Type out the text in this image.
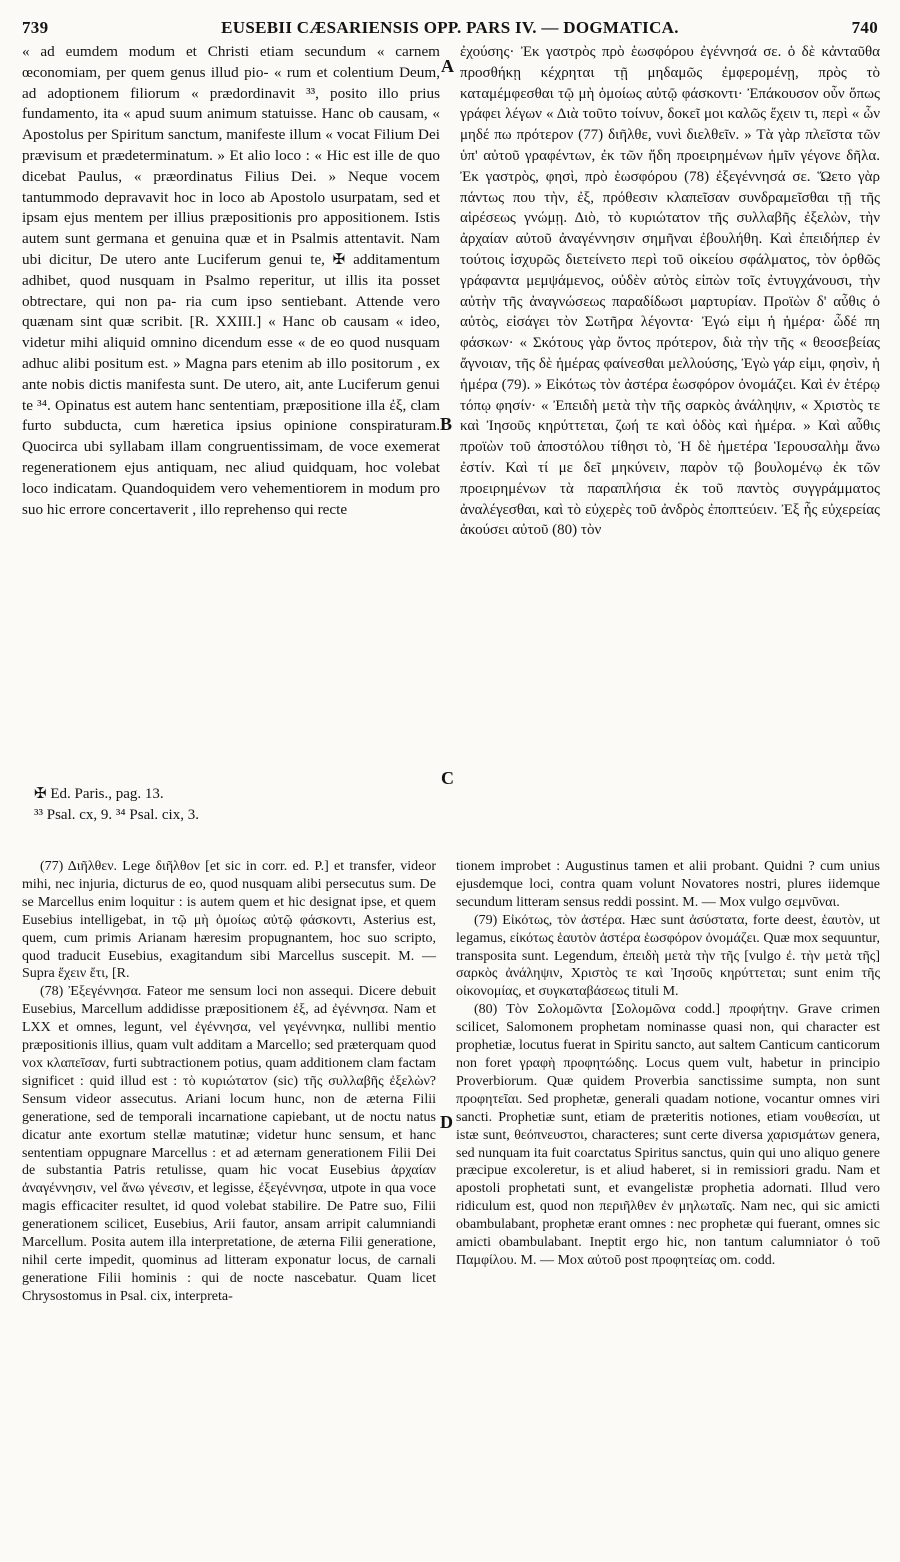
739	EUSEBII CÆSARIENSIS OPP. PARS IV. — DOGMATICA.	740

« ad eumdem modum et Christi etiam secundum « carnem œconomiam, per quem genus illud pio- « rum et colentium Deum, ad adoptionem filiorum « prædordinavit ³³, posito illo prius fundamento, ita « apud suum animum statuisse. Hanc ob causam, « Apostolus per Spiritum sanctum, manifeste illum « vocat Filium Dei prævisum et prædeterminatum. » Et alio loco : « Hic est ille de quo dicebat Paulus, « præordinatus Filius Dei. » Neque vocem tantummodo depravavit hoc in loco ab Apostolo usurpatam, sed et ipsam ejus mentem per illius præpositionis pro appositionem. Istis autem sunt germana et genuina quæ et in Psalmis attentavit. Nam ubi dicitur, De utero ante Luciferum genui te, ✠ additamentum adhibet, quod nusquam in Psalmo reperitur, ut illis ita posset obtrectare, qui non pa- ria cum ipso sentiebant. Attende vero quænam sint quæ scribit. [R. XXIII.] « Hanc ob causam « ideo, videtur mihi aliquid omnino dicendum esse « de eo quod nusquam adhuc alibi positum est. » Magna pars etenim ab illo positorum , ex ante nobis dictis manifesta sunt. De utero, ait, ante Luciferum genui te ³⁴. Opinatus est autem hanc sententiam, præpositione illa ἐξ, clam furto subducta, cum hæretica ipsius opinione conspiraturam. Quocirca ubi syllabam illam congruentissimam, de voce exemerat regenerationem ejus antiquam, nec aliud quidquam, hoc volebat loco indicatam. Quandoquidem vero vehementiorem in modum pro suo hic errore concertaverit , illo reprehenso qui recte

ἐχούσης· Ἐκ γαστρὸς πρὸ ἑωσφόρου ἐγέννησά σε. ὁ δὲ κἀνταῦθα προσθήκῃ κέχρηται τῇ μηδαμῶς ἐμφερομένῃ, πρὸς τὸ καταμέμφεσθαι τῷ μὴ ὁμοίως αὐτῷ φάσκοντι· Ἐπάκουσον οὖν ὅπως γράφει λέγων « Διὰ τοῦτο τοίνυν, δοκεῖ μοι καλῶς ἔχειν τι, περὶ « ὧν μηδέ πω πρότερον (77) διῆλθε, νυνὶ διελθεῖν. » Τὰ γὰρ πλεῖστα τῶν ὑπ' αὐτοῦ γραφέντων, ἐκ τῶν ἤδη προειρημένων ἡμῖν γέγονε δῆλα. Ἐκ γαστρὸς, φησὶ, πρὸ ἑωσφόρου (78) ἐξεγέννησά σε. Ὥετο γὰρ πάντως που τὴν, ἐξ, πρόθεσιν κλαπεῖσαν συνδραμεῖσθαι τῇ τῆς αἱρέσεως γνώμῃ. Διὸ, τὸ κυριώτατον τῆς συλλαβῆς ἐξελὼν, τὴν ἀρχαίαν αὐτοῦ ἀναγέννησιν σημῆναι ἐβουλήθη. Καὶ ἐπειδήπερ ἐν τούτοις ἰσχυρῶς διετείνετο περὶ τοῦ οἰκείου σφάλματος, τὸν ὀρθῶς γράφαντα μεμψάμενος, οὐδὲν αὐτὸς εἰπὼν τοῖς ἐντυγχάνουσι, τὴν αὐτὴν τῆς ἀναγνώσεως παραδίδωσι μαρτυρίαν. Προϊὼν δ' αὖθις ὁ αὐτὸς, εἰσάγει τὸν Σωτῆρα λέγοντα· Ἐγώ εἰμι ἡ ἡμέρα· ὧδέ πη φάσκων· « Σκότους γὰρ ὄντος πρότερον, διὰ τὴν τῆς « θεοσεβείας ἄγνοιαν, τῆς δὲ ἡμέρας φαίνεσθαι μελλούσης, Ἐγὼ γάρ εἰμι, φησὶν, ἡ ἡμέρα (79). » Εἰκότως τὸν ἀστέρα ἑωσφόρον ὀνομάζει. Καὶ ἐν ἑτέρῳ τόπῳ φησίν· « Ἐπειδὴ μετὰ τὴν τῆς σαρκὸς ἀνάληψιν, « Χριστὸς τε καὶ Ἰησοῦς κηρύττεται, ζωή τε καὶ ὁδὸς καὶ ἡμέρα. » Καὶ αὖθις προϊὼν τοῦ ἀποστόλου τίθησι τὸ, Ἡ δὲ ἡμετέρα Ἱερουσαλὴμ ἄνω ἐστίν. Καὶ τί με δεῖ μηκύνειν, παρὸν τῷ βουλομένῳ ἐκ τῶν προειρημένων τὰ παραπλήσια ἐκ τοῦ παντὸς συγγράμματος ἀναλέγεσθαι, καὶ τὸ εὐχερὲς τοῦ ἀνδρὸς ἐποπτεύειν. Ἐξ ἧς εὐχερείας ἀκούσει αὐτοῦ (80) τὸν

A
B
C
D

✠ Ed. Paris., pag. 13.

³³ Psal. cx, 9. ³⁴ Psal. cix, 3.

(77) Διῆλθεν. Lege διῆλθον [et sic in corr. ed. P.] et transfer, videor mihi, nec injuria, dicturus de eo, quod nusquam alibi persecutus sum. De se Marcellus enim loquitur : is autem quem et hic designat ipse, et quem Eusebius intelligebat, in τῷ μὴ ὁμοίως αὐτῷ φάσκοντι, Asterius est, quem, cum primis Arianam hæresim propugnantem, hoc suo scripto, quod traducit Eusebius, exagitandum sibi Marcellus suscepit. M. — Supra ἔχειν ἔτι, [R.

(78) Ἐξεγέννησα. Fateor me sensum loci non assequi. Dicere debuit Eusebius, Marcellum addidisse præpositionem ἐξ, ad ἐγέννησα. Nam et LXX et omnes, legunt, vel ἐγέννησα, vel γεγέννηκα, nullibi mentio præpositionis illius, quam vult additam a Marcello; sed præterquam quod vox κλαπεῖσαν, furti subtractionem potius, quam additionem clam factam significet : quid illud est : τὸ κυριώτατον (sic) τῆς συλλαβῆς ἐξελὼν? Sensum videor assecutus. Ariani locum hunc, non de æterna Filii generatione, sed de temporali incarnatione capiebant, ut de noctu natus dicatur ante exortum stellæ matutinæ; videtur hunc sensum, et hanc sententiam oppugnare Marcellus : et ad æternam generationem Filii Dei de substantia Patris retulisse, quam hic vocat Eusebius ἀρχαίαν ἀναγέννησιν, vel ἄνω γένεσιν, et legisse, ἐξεγέννησα, utpote in qua voce magis efficaciter resultet, id quod volebat stabilire. De Patre suo, Filii generationem scilicet, Eusebius, Arii fautor, ansam arripit calumniandi Marcellum. Posita autem illa interpretatione, de æterna Filii generatione, nihil certe impedit, quominus ad litteram exponatur locus, de carnali generatione Filii hominis : qui de nocte nascebatur. Quam licet Chrysostomus in Psal. cix, interpreta-

tionem improbet : Augustinus tamen et alii probant. Quidni ? cum unius ejusdemque loci, contra quam volunt Novatores nostri, plures iidemque secundum litteram sensus reddi possint. M. — Mox vulgo σεμνῦναι.

(79) Εἰκότως, τὸν ἀστέρα. Hæc sunt ἀσύστατα, forte deest, ἑαυτὸν, ut legamus, εἰκότως ἑαυτὸν ἀστέρα ἑωσφόρον ὀνομάζει. Quæ mox sequuntur, transposita sunt. Legendum, ἐπειδὴ μετὰ τὴν τῆς [vulgo ἐ. τὴν μετὰ τῆς] σαρκὸς ἀνάληψιν, Χριστὸς τε καὶ Ἰησοῦς κηρύττεται; sunt enim τῆς οἰκονομίας, et συγκαταβάσεως tituli M.

(80) Τὸν Σολομῶντα [Σολομῶνα codd.] προφήτην. Grave crimen scilicet, Salomonem prophetam nominasse quasi non, qui character est prophetiæ, locutus fuerat in Spiritu sancto, aut saltem Canticum canticorum non foret γραφὴ προφητώδης. Locus quem vult, habetur in principio Proverbiorum. Quæ quidem Proverbia sanctissime sumpta, non sunt προφητεῖαι. Sed prophetæ, generali quadam notione, vocantur omnes viri sancti. Prophetiæ sunt, etiam de præteritis notiones, etiam νουθεσίαι, ut istæ sunt, θεόπνευστοι, characteres; sunt certe diversa χαρισμάτων genera, sed nunquam ita fuit coarctatus Spiritus sanctus, quin qui uno aliquo genere præcipue excoleretur, is et aliud haberet, si in remissiori gradu. Nam et apostoli prophetati sunt, et evangelistæ prophetia adornati. Illud vero ridiculum est, quod non περιῆλθεν ἐν μηλωταῖς. Nam nec, qui sic amicti obambulabant, prophetæ erant omnes : nec prophetæ qui fuerant, omnes sic amicti obambulabant. Ineptit ergo hic, non tantum calumniator ὁ τοῦ Παμφίλου. M. — Mox αὐτοῦ post προφητείας om. codd.
